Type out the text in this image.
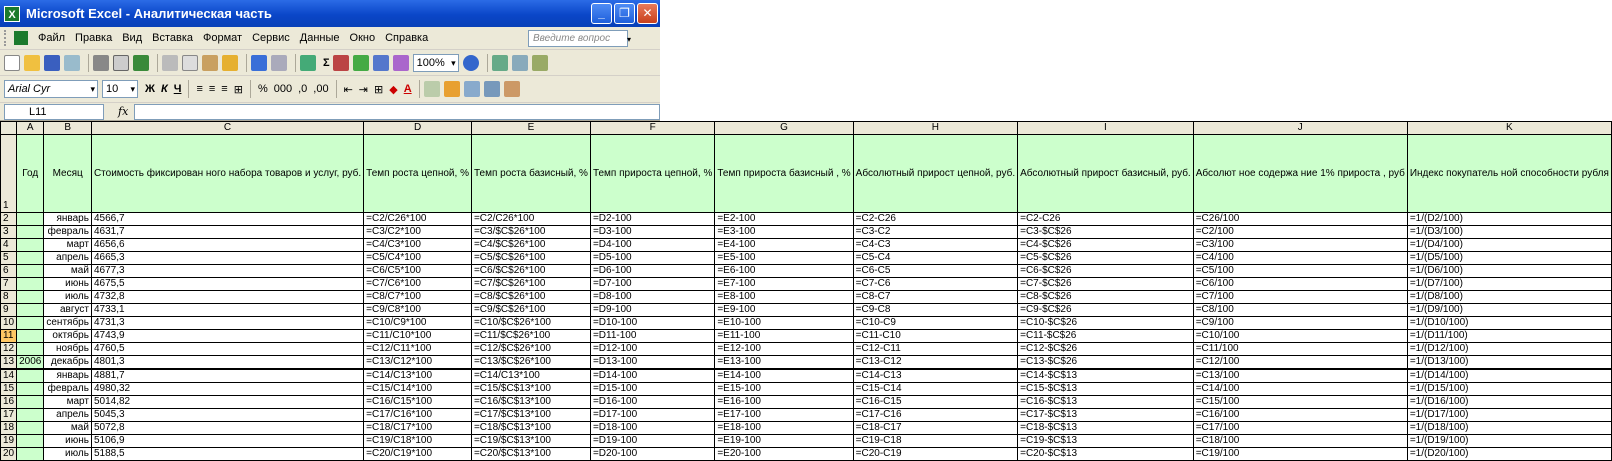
X Microsoft Excel - Аналитическая часть	_	❐	✕
Файл Правка Вид Вставка Формат Сервис Данные Окно Справка	Введите вопрос	▾
Σ	100% ▾
Arial Cyr ▾	10 ▾	Ж К Ч ≡ ≡ ≡ ⊞ % 000 ,0 ,00 ⇤ ⇥ ⊞ ◆ A
L11	fx
	A	B	C	D	E	F	G	H	I	J	K
1	Год	Месяц	Стоимость фиксирован ного набора товаров и услуг, руб.	Темп роста цепной, %	Темп роста базисный, %	Темп прироста цепной, %	Темп прироста базисный , %	Абсолютный прирост цепной, руб.	Абсолютный прирост базисный, руб.	Абсолют ное содержа ние 1% прироста , руб	Индекс покупатель ной способности рубля
2		январь	4566,7	=C2/C26*100	=C2/C26*100	=D2-100	=E2-100	=C2-C26	=C2-C26	=C26/100	=1/(D2/100)
3		февраль	4631,7	=C3/C2*100	=C3/$C$26*100	=D3-100	=E3-100	=C3-C2	=C3-$C$26	=C2/100	=1/(D3/100)
4		март	4656,6	=C4/C3*100	=C4/$C$26*100	=D4-100	=E4-100	=C4-C3	=C4-$C$26	=C3/100	=1/(D4/100)
5		апрель	4665,3	=C5/C4*100	=C5/$C$26*100	=D5-100	=E5-100	=C5-C4	=C5-$C$26	=C4/100	=1/(D5/100)
6		май	4677,3	=C6/C5*100	=C6/$C$26*100	=D6-100	=E6-100	=C6-C5	=C6-$C$26	=C5/100	=1/(D6/100)
7		июнь	4675,5	=C7/C6*100	=C7/$C$26*100	=D7-100	=E7-100	=C7-C6	=C7-$C$26	=C6/100	=1/(D7/100)
8		июль	4732,8	=C8/C7*100	=C8/$C$26*100	=D8-100	=E8-100	=C8-C7	=C8-$C$26	=C7/100	=1/(D8/100)
9		август	4733,1	=C9/C8*100	=C9/$C$26*100	=D9-100	=E9-100	=C9-C8	=C9-$C$26	=C8/100	=1/(D9/100)
10		сентябрь	4731,3	=C10/C9*100	=C10/$C$26*100	=D10-100	=E10-100	=C10-C9	=C10-$C$26	=C9/100	=1/(D10/100)
11		октябрь	4743,9	=C11/C10*100	=C11/$C$26*100	=D11-100	=E11-100	=C11-C10	=C11-$C$26	=C10/100	=1/(D11/100)
12		ноябрь	4760,5	=C12/C11*100	=C12/$C$26*100	=D12-100	=E12-100	=C12-C11	=C12-$C$26	=C11/100	=1/(D12/100)
13	2006	декабрь	4801,3	=C13/C12*100	=C13/$C$26*100	=D13-100	=E13-100	=C13-C12	=C13-$C$26	=C12/100	=1/(D13/100)
14		январь	4881,7	=C14/C13*100	=C14/C13*100	=D14-100	=E14-100	=C14-C13	=C14-$C$13	=C13/100	=1/(D14/100)
15		февраль	4980,32	=C15/C14*100	=C15/$C$13*100	=D15-100	=E15-100	=C15-C14	=C15-$C$13	=C14/100	=1/(D15/100)
16		март	5014,82	=C16/C15*100	=C16/$C$13*100	=D16-100	=E16-100	=C16-C15	=C16-$C$13	=C15/100	=1/(D16/100)
17		апрель	5045,3	=C17/C16*100	=C17/$C$13*100	=D17-100	=E17-100	=C17-C16	=C17-$C$13	=C16/100	=1/(D17/100)
18		май	5072,8	=C18/C17*100	=C18/$C$13*100	=D18-100	=E18-100	=C18-C17	=C18-$C$13	=C17/100	=1/(D18/100)
19		июнь	5106,9	=C19/C18*100	=C19/$C$13*100	=D19-100	=E19-100	=C19-C18	=C19-$C$13	=C18/100	=1/(D19/100)
20		июль	5188,5	=C20/C19*100	=C20/$C$13*100	=D20-100	=E20-100	=C20-C19	=C20-$C$13	=C19/100	=1/(D20/100)
